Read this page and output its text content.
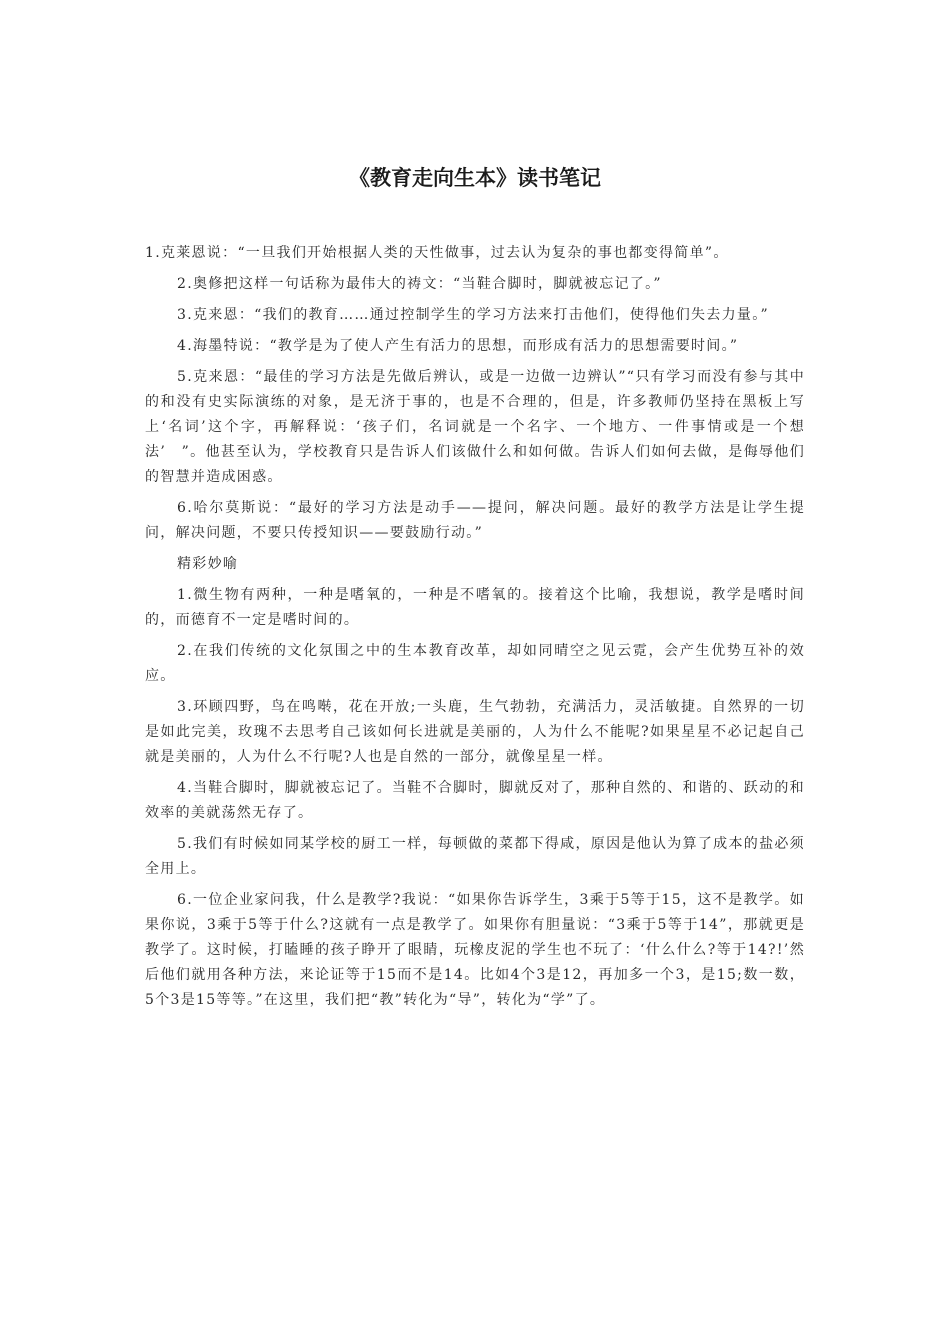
《教育走向生本》读书笔记

1.克莱恩说：“一旦我们开始根据人类的天性做事，过去认为复杂的事也都变得简单”。

2.奥修把这样一句话称为最伟大的祷文：“当鞋合脚时，脚就被忘记了。”

3.克来恩：“我们的教育……通过控制学生的学习方法来打击他们，使得他们失去力量。”

4.海墨特说：“教学是为了使人产生有活力的思想，而形成有活力的思想需要时间。”

5.克来恩：“最佳的学习方法是先做后辨认，或是一边做一边辨认”“只有学习而没有参与其中的和没有史实际演练的对象，是无济于事的，也是不合理的，但是，许多教师仍坚持在黑板上写上‘名词’这个字，再解释说：‘孩子们，名词就是一个名字、一个地方、一件事情或是一个想法’　”。他甚至认为，学校教育只是告诉人们该做什么和如何做。告诉人们如何去做，是侮辱他们的智慧并造成困惑。

6.哈尔莫斯说：“最好的学习方法是动手——提问，解决问题。最好的教学方法是让学生提问，解决问题，不要只传授知识——要鼓励行动。”

精彩妙喻

1.微生物有两种，一种是嗜氧的，一种是不嗜氧的。接着这个比喻，我想说，教学是嗜时间的，而德育不一定是嗜时间的。

2.在我们传统的文化氛围之中的生本教育改革，却如同晴空之见云霓，会产生优势互补的效应。

3.环顾四野，鸟在鸣啭，花在开放;一头鹿，生气勃勃，充满活力，灵活敏捷。自然界的一切是如此完美，玫瑰不去思考自己该如何长进就是美丽的，人为什么不能呢?如果星星不必记起自己就是美丽的，人为什么不行呢?人也是自然的一部分，就像星星一样。

4.当鞋合脚时，脚就被忘记了。当鞋不合脚时，脚就反对了，那种自然的、和谐的、跃动的和效率的美就荡然无存了。

5.我们有时候如同某学校的厨工一样，每顿做的菜都下得咸，原因是他认为算了成本的盐必须全用上。

6.一位企业家问我，什么是教学?我说：“如果你告诉学生，3乘于5等于15，这不是教学。如果你说，3乘于5等于什么?这就有一点是教学了。如果你有胆量说：“3乘于5等于14”，那就更是教学了。这时候，打瞌睡的孩子睁开了眼睛，玩橡皮泥的学生也不玩了：‘什么什么?等于14?!’然后他们就用各种方法，来论证等于15而不是14。比如4个3是12，再加多一个3，是15;数一数，5个3是15等等。”在这里，我们把“教”转化为“导”，转化为“学”了。
